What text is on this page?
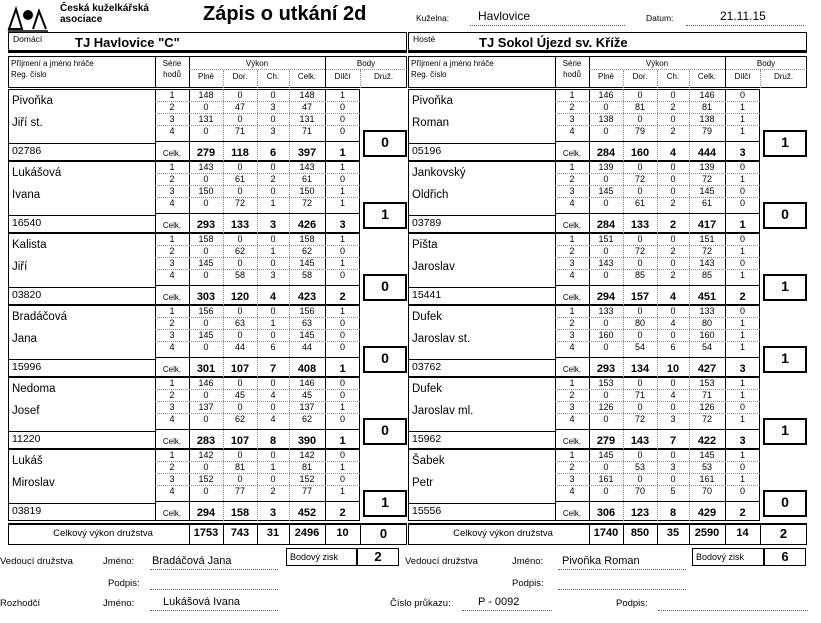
Česká kuželkářská
asociace	Zápis o utkání 2d	Kuželna: Havlovice	Datum:	21.11.15
Domácí	TJ Havlovice "C"
Příjmení a jméno hráče
Reg. číslo
Série
hodů
Výkon
Plné	Dor.	Ch.	Celk.
Body
Dílčí	Druž.
Pivoňka
Jiří st.
02786
1	148	0	0	148	1
2	0	47	3	47	0
3	131	0	0	131	0
4	0	71	3	71	0
Celk.	279	118	6	397	1
0
Lukášová
Ivana
16540
1	143	0	0	143	1
2	0	61	2	61	0
3	150	0	0	150	1
4	0	72	1	72	1
Celk.	293	133	3	426	3
1
Kalista
Jiří
03820
1	158	0	0	158	1
2	0	62	1	62	0
3	145	0	0	145	1
4	0	58	3	58	0
Celk.	303	120	4	423	2
0
Bradáčová
Jana
15996
1	156	0	0	156	1
2	0	63	1	63	0
3	145	0	0	145	0
4	0	44	6	44	0
Celk.	301	107	7	408	1
0
Nedoma
Josef
11220
1	146	0	0	146	0
2	0	45	4	45	0
3	137	0	0	137	1
4	0	62	4	62	0
Celk.	283	107	8	390	1
0
Lukáš
Miroslav
03819
1	142	0	0	142	0
2	0	81	1	81	1
3	152	0	0	152	0
4	0	77	2	77	1
Celk.	294	158	3	452	2
1
Celkový výkon družstva	1753	743	31	2496	10	0
Hosté	TJ Sokol Újezd sv. Kříže
Příjmení a jméno hráče
Reg. číslo
Série
hodů
Výkon
Plné	Dor.	Ch.	Celk.
Body
Dílčí	Druž.
Pivoňka
Roman
05196
1	146	0	0	146	0
2	0	81	2	81	1
3	138	0	0	138	1
4	0	79	2	79	1
Celk.	284	160	4	444	3
1
Jankovský
Oldřich
03789
1	139	0	0	139	0
2	0	72	0	72	1
3	145	0	0	145	0
4	0	61	2	61	0
Celk.	284	133	2	417	1
0
Pišta
Jaroslav
15441
1	151	0	0	151	0
2	0	72	2	72	1
3	143	0	0	143	0
4	0	85	2	85	1
Celk.	294	157	4	451	2
1
Dufek
Jaroslav st.
03762
1	133	0	0	133	0
2	0	80	4	80	1
3	160	0	0	160	1
4	0	54	6	54	1
Celk.	293	134	10	427	3
1
Dufek
Jaroslav ml.
15962
1	153	0	0	153	1
2	0	71	4	71	1
3	126	0	0	126	0
4	0	72	3	72	1
Celk.	279	143	7	422	3
1
Šabek
Petr
15556
1	145	0	0	145	1
2	0	53	3	53	0
3	161	0	0	161	1
4	0	70	5	70	0
Celk.	306	123	8	429	2
0
Celkový výkon družstva	1740	850	35	2590	14	2
Vedoucí družstva	Jméno: Bradáčová Jana
Podpis:
Bodový zisk	2	Vedoucí družstva	Jméno: Pivoňka Roman
Podpis:
Bodový zisk	6
Rozhodčí	Jméno:	Lukášová Ivana	Číslo průkazu: P - 0092	Podpis:
